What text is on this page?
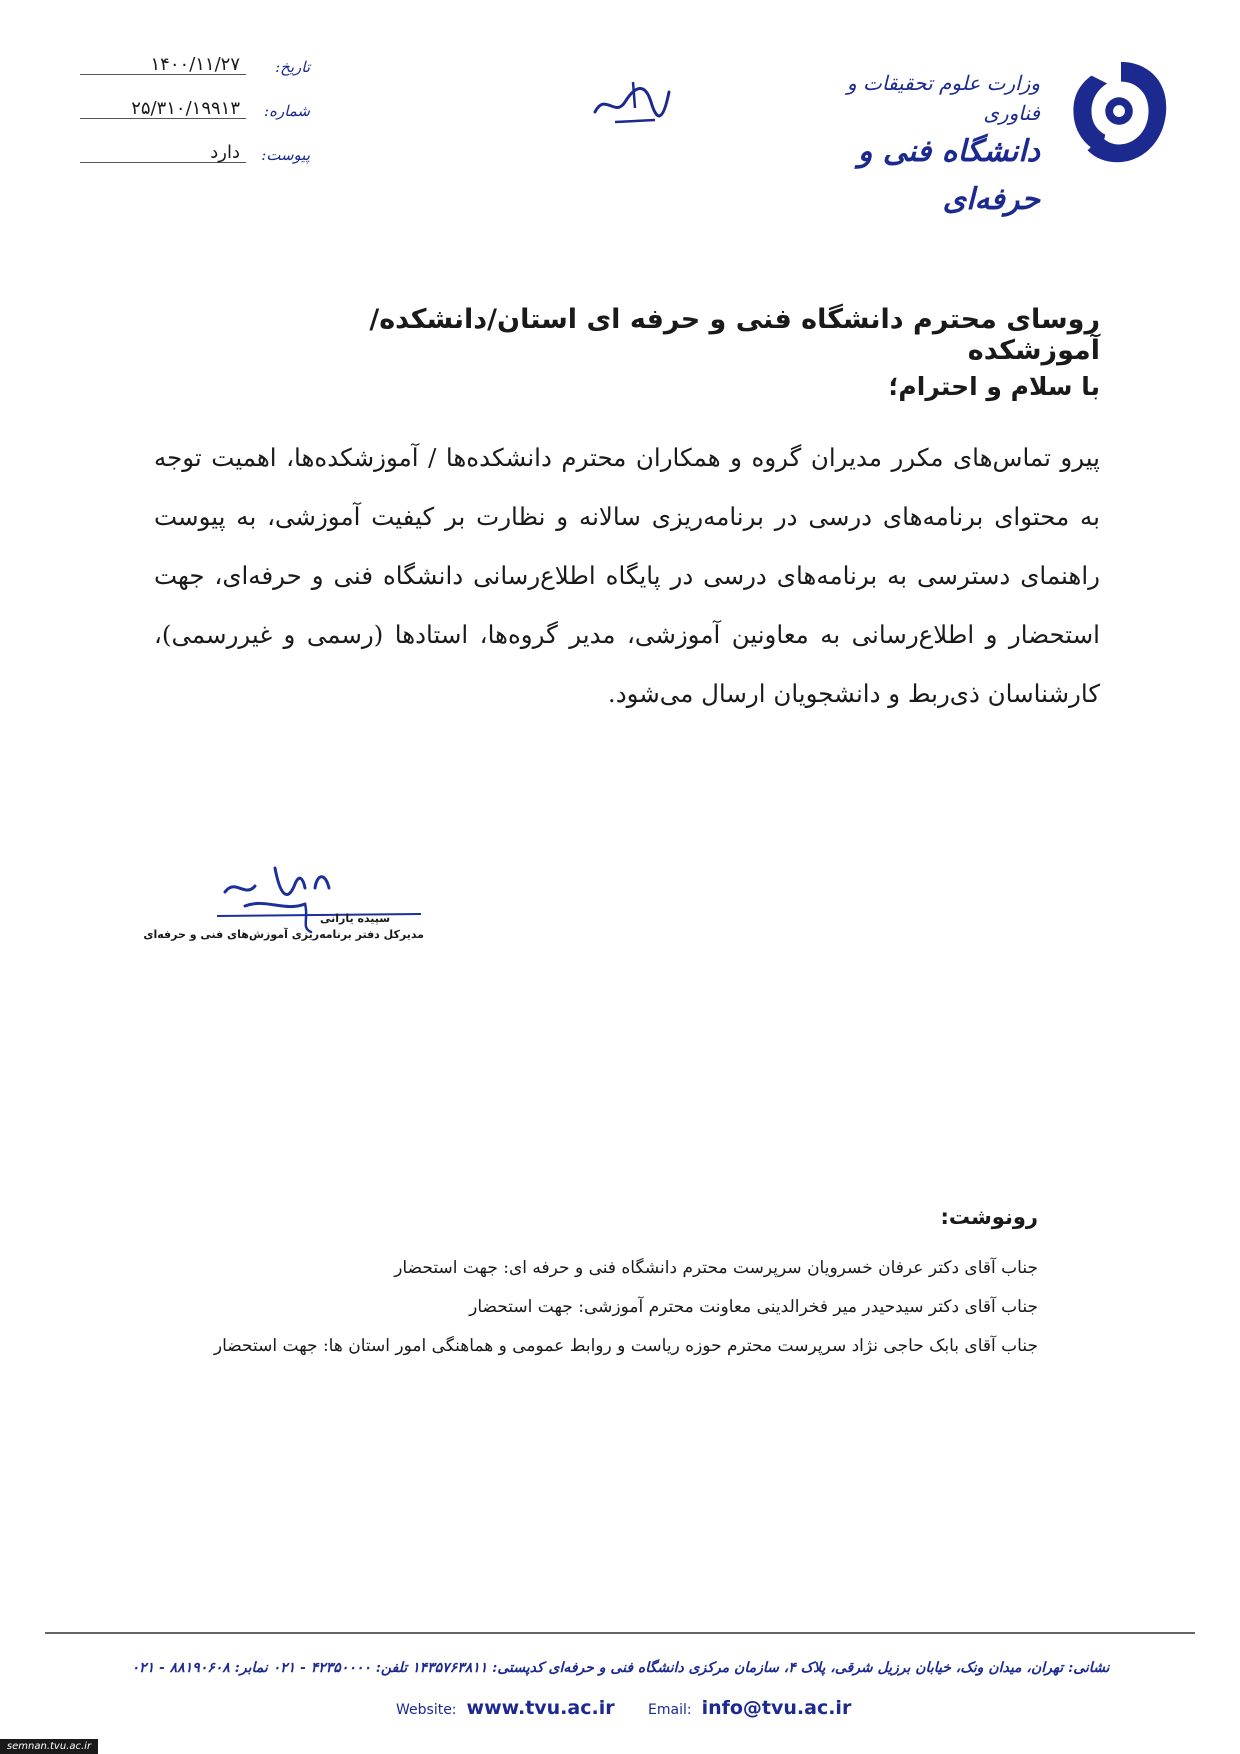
وزارت علوم تحقیقات و فناوری
دانشگاه فنی و حرفه‌ای
تاریخ:
۱۴۰۰/۱۱/۲۷
شماره:
۲۵/۳۱۰/۱۹۹۱۳
پیوست:
دارد
روسای محترم دانشگاه فنی و حرفه ای استان/دانشکده/آموزشکده
با سلام و احترام؛
پیرو تماس‌های مکرر مدیران گروه و همکاران محترم دانشکده‌ها / آموزشکده‌ها، اهمیت توجه به محتوای برنامه‌های درسی در برنامه‌ریزی سالانه و نظارت بر کیفیت آموزشی، به پیوست راهنمای دسترسی به برنامه‌های درسی در پایگاه اطلاع‌رسانی دانشگاه فنی و حرفه‌ای، جهت استحضار و اطلاع‌رسانی به معاونین آموزشی، مدیر گروه‌ها، استادها (رسمی و غیررسمی)، کارشناسان ذی‌ربط و دانشجویان ارسال می‌شود.
سپیده یارانی
مدیرکل دفتر برنامه‌ریزی آموزش‌های فنی و حرفه‌ای
رونوشت:
جناب آقای دکتر عرفان خسرویان سرپرست محترم دانشگاه فنی و حرفه ای: جهت استحضار
جناب آقای دکتر سیدحیدر میر فخرالدینی معاونت محترم آموزشی: جهت استحضار
جناب آقای بابک حاجی نژاد سرپرست محترم حوزه ریاست و روابط عمومی و هماهنگی امور استان ها: جهت استحضار
نشانی: تهران، میدان ونک، خیابان برزیل شرقی، پلاک ۴، سازمان مرکزی دانشگاه فنی و حرفه‌ای کدپستی: ۱۴۳۵۷۶۳۸۱۱ تلفن: ۴۲۳۵۰۰۰۰ - ۰۲۱ نمابر: ۸۸۱۹۰۶۰۸ - ۰۲۱
Website: www.tvu.ac.ir Email: info@tvu.ac.ir
semnan.tvu.ac.ir
